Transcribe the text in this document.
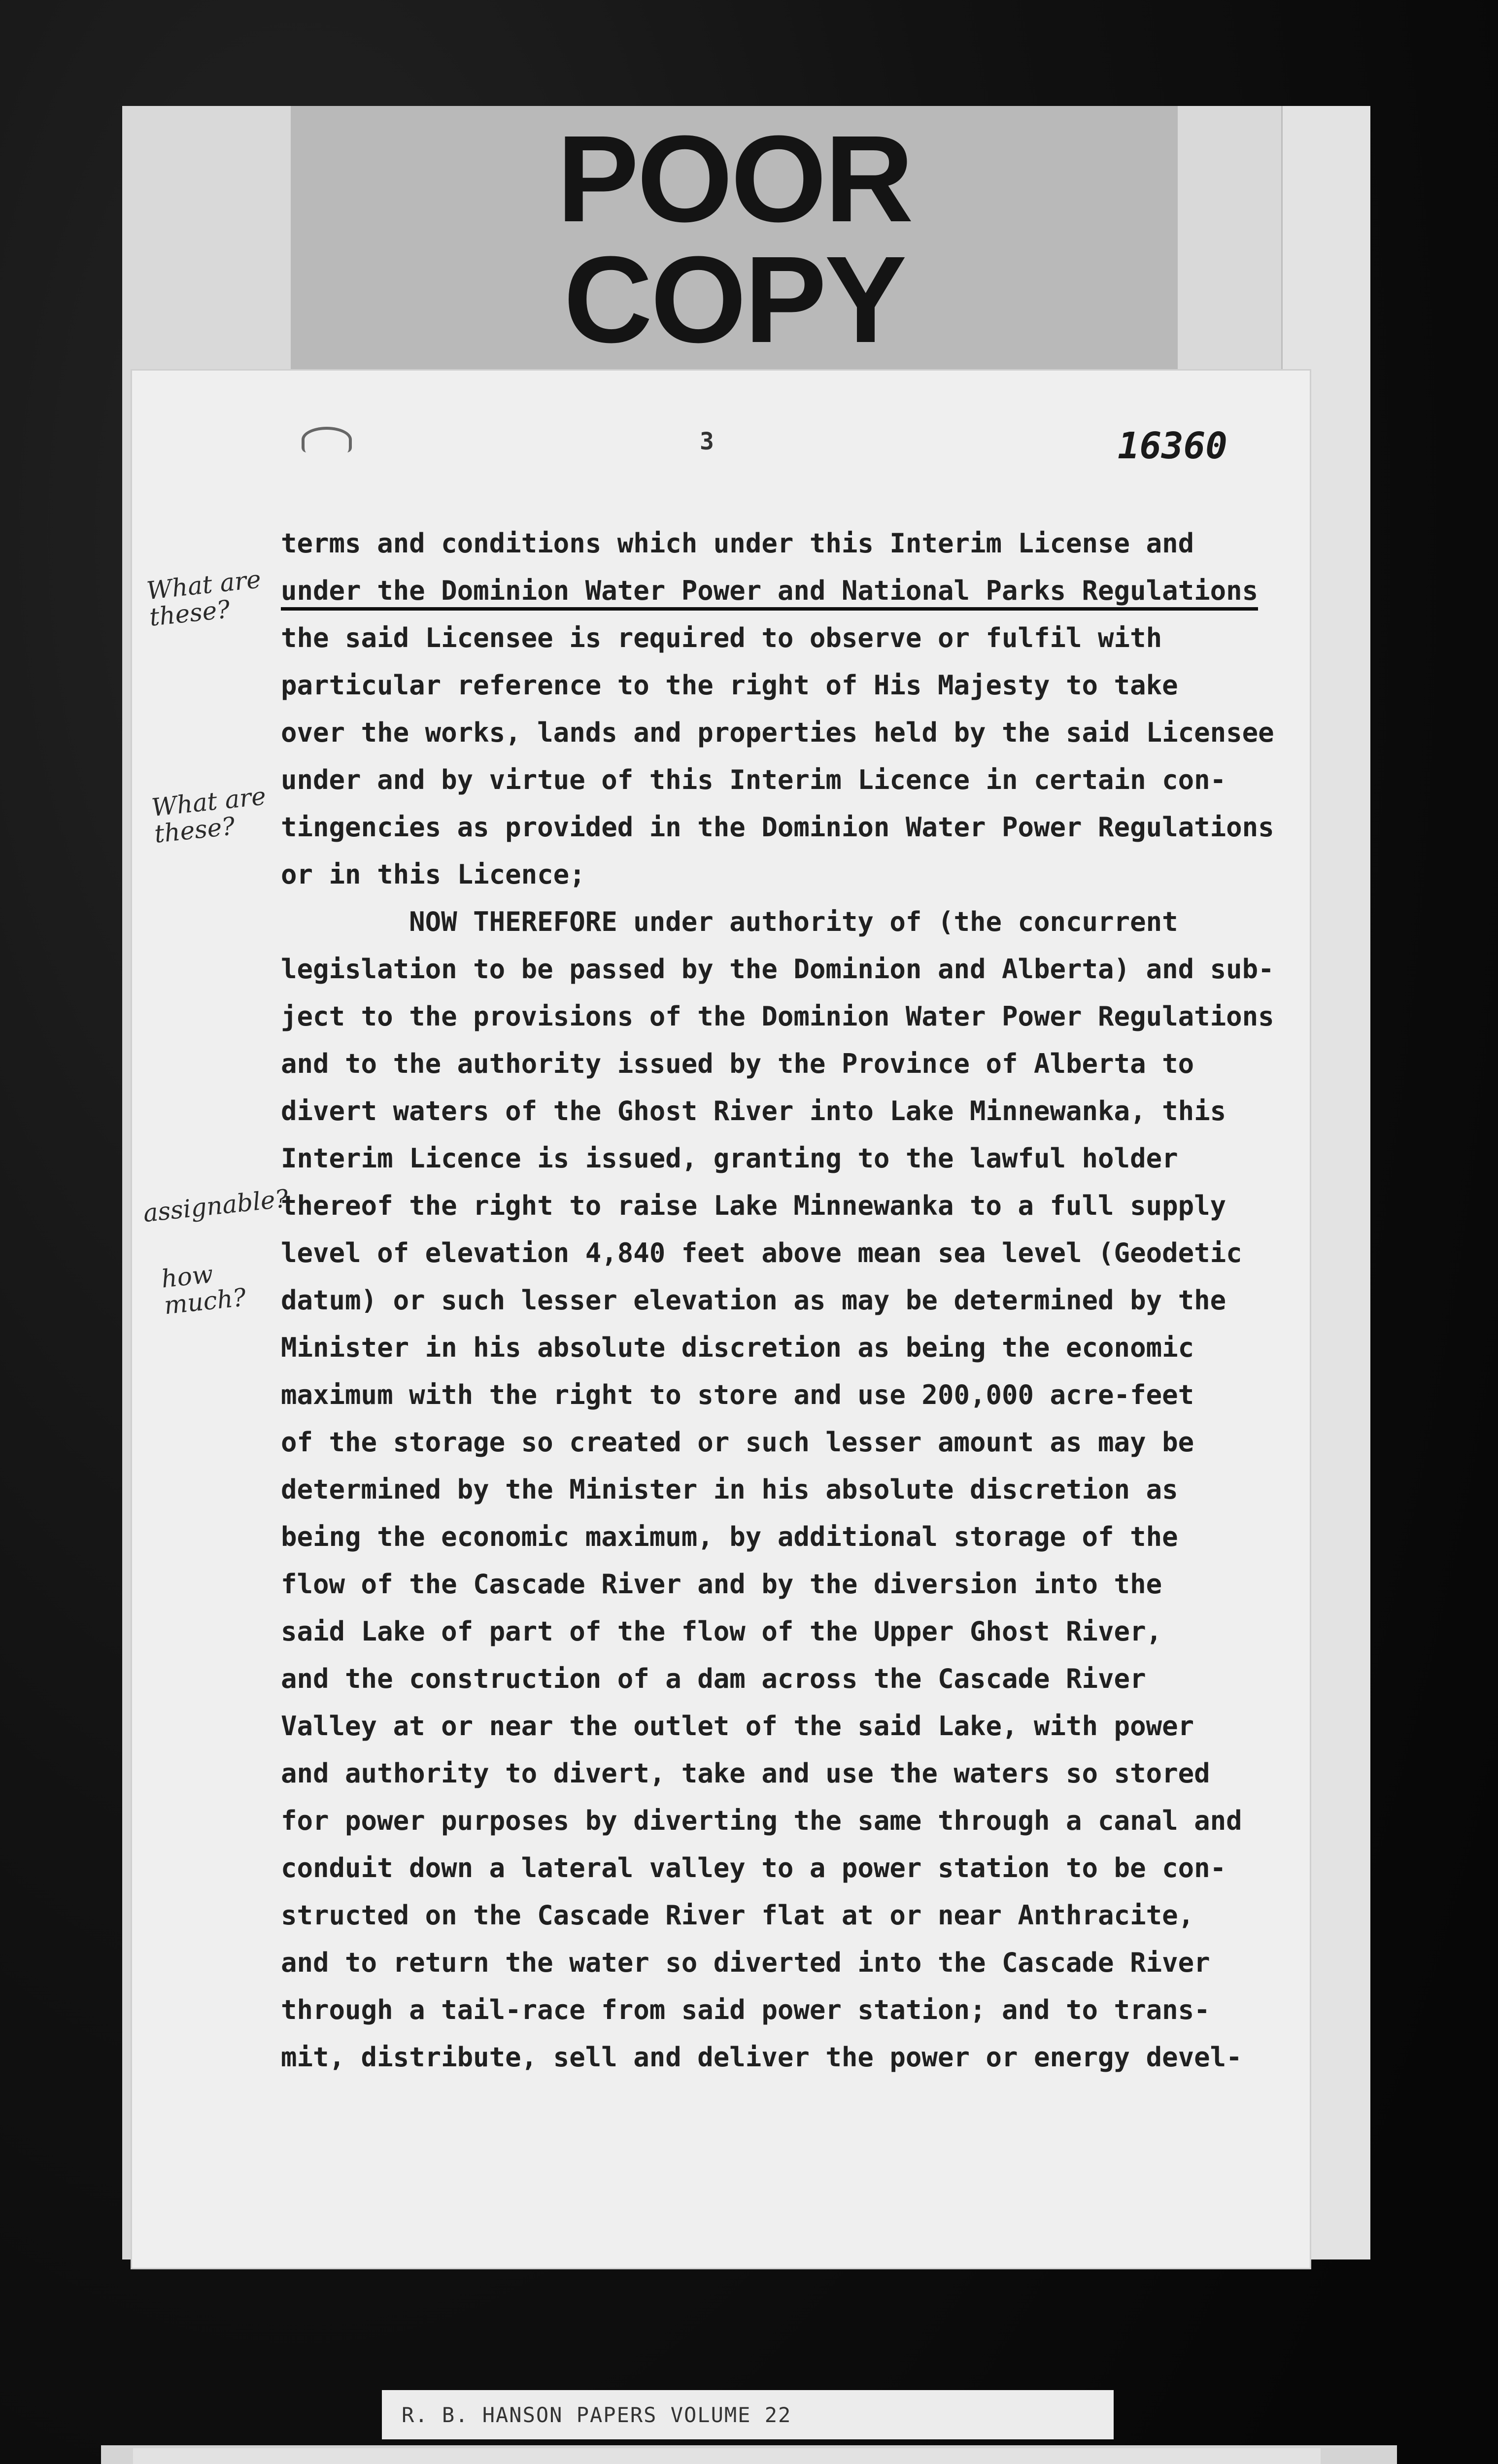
POOR
COPY
3	16360
terms and conditions which under this Interim License and
under the Dominion Water Power and National Parks Regulations
the said Licensee is required to observe or fulfil with
particular reference to the right of His Majesty to take
over the works, lands and properties held by the said Licensee
under and by virtue of this Interim Licence in certain con-
tingencies as provided in the Dominion Water Power Regulations
or in this Licence;
NOW THEREFORE under authority of (the concurrent
legislation to be passed by the Dominion and Alberta) and sub-
ject to the provisions of the Dominion Water Power Regulations
and to the authority issued by the Province of Alberta to
divert waters of the Ghost River into Lake Minnewanka, this
Interim Licence is issued, granting to the lawful holder
thereof the right to raise Lake Minnewanka to a full supply
level of elevation 4,840 feet above mean sea level (Geodetic
datum) or such lesser elevation as may be determined by the
Minister in his absolute discretion as being the economic
maximum with the right to store and use 200,000 acre-feet
of the storage so created or such lesser amount as may be
determined by the Minister in his absolute discretion as
being the economic maximum, by additional storage of the
flow of the Cascade River and by the diversion into the
said Lake of part of the flow of the Upper Ghost River,
and the construction of a dam across the Cascade River
Valley at or near the outlet of the said Lake, with power
and authority to divert, take and use the waters so stored
for power purposes by diverting the same through a canal and
conduit down a lateral valley to a power station to be con-
structed on the Cascade River flat at or near Anthracite,
and to return the water so diverted into the Cascade River
through a tail-race from said power station; and to trans-
mit, distribute, sell and deliver the power or energy devel-
What are
these?
What are
these?
assignable?
how
much?
R. B. HANSON PAPERS VOLUME 22
